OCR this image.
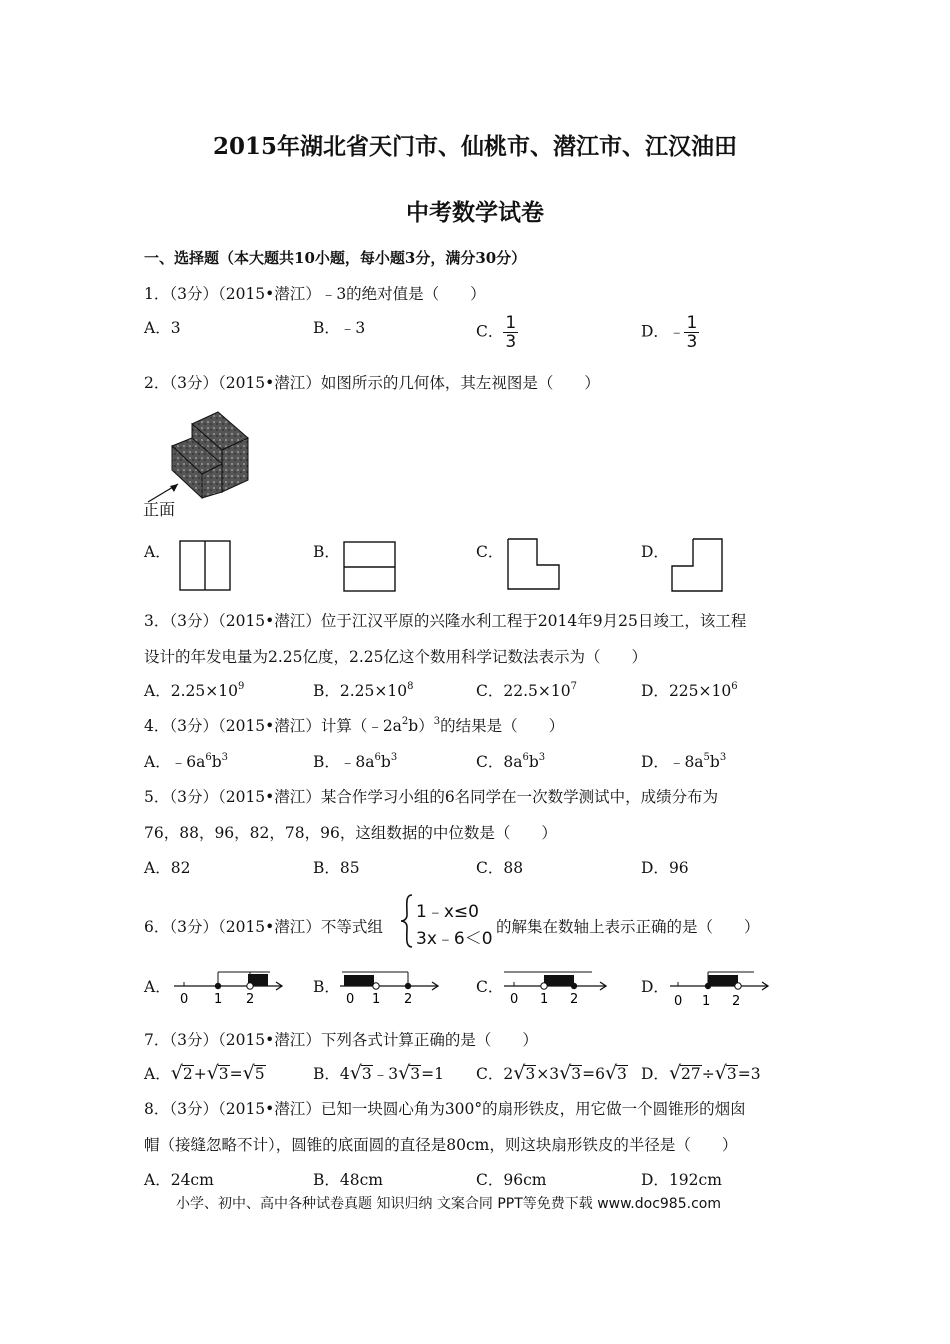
2015年湖北省天门市、仙桃市、潜江市、江汉油田
中考数学试卷
一、选择题（本大题共10小题，每小题3分，满分30分）
1．（3分）（2015•潜江）﹣3的绝对值是（　　）
A．3	B．﹣3	C． $\frac{1}{3}$	D．﹣ $\frac{1}{3}$
2．（3分）（2015•潜江）如图所示的几何体，其左视图是（　　）
正面
A．	B．	C．	D．
3．（3分）（2015•潜江）位于江汉平原的兴隆水利工程于2014年9月25日竣工，该工程
设计的年发电量为2.25亿度，2.25亿这个数用科学记数法表示为（　　）
A．$2.25\times 10^9$	B．$2.25\times 10^8$	C．$22.5\times 10^7$	D．$225\times 10^6$
4．（3分）（2015•潜江）计算$(﹣2a^2b)^3$的结果是（　　）
A．$﹣6a^6b^3$	B．$﹣8a^6b^3$	C．$8a^6b^3$	D．$﹣8a^5b^3$
5．（3分）（2015•潜江）某合作学习小组的6名同学在一次数学测试中，成绩分布为
76，88，96，82，78，96，这组数据的中位数是（　　）
A．82	B．85	C．88	D．96
6．（3分）（2015•潜江）不等式组
1﹣x≤0
3x﹣6＜0
的解集在数轴上表示正确的是（　　）
A．
0 1 2
B．
0 1 2
C．
0 1 2
D．
0 1 2
7．（3分）（2015•潜江）下列各式计算正确的是（　　）
A．√2+√3=√5	B．4√3﹣3√3=1 C．2√3×3√3=6√3 D．√27÷√3=3
8．（3分）（2015•潜江）已知一块圆心角为300°的扇形铁皮，用它做一个圆锥形的烟囱
帽（接缝忽略不计），圆锥的底面圆的直径是80cm，则这块扇形铁皮的半径是（　　）
A．24cm	B．48cm	C．96cm	D．192cm
小学、初中、高中各种试卷真题 知识归纳 文案合同 PPT等免费下载 www.doc985.com
